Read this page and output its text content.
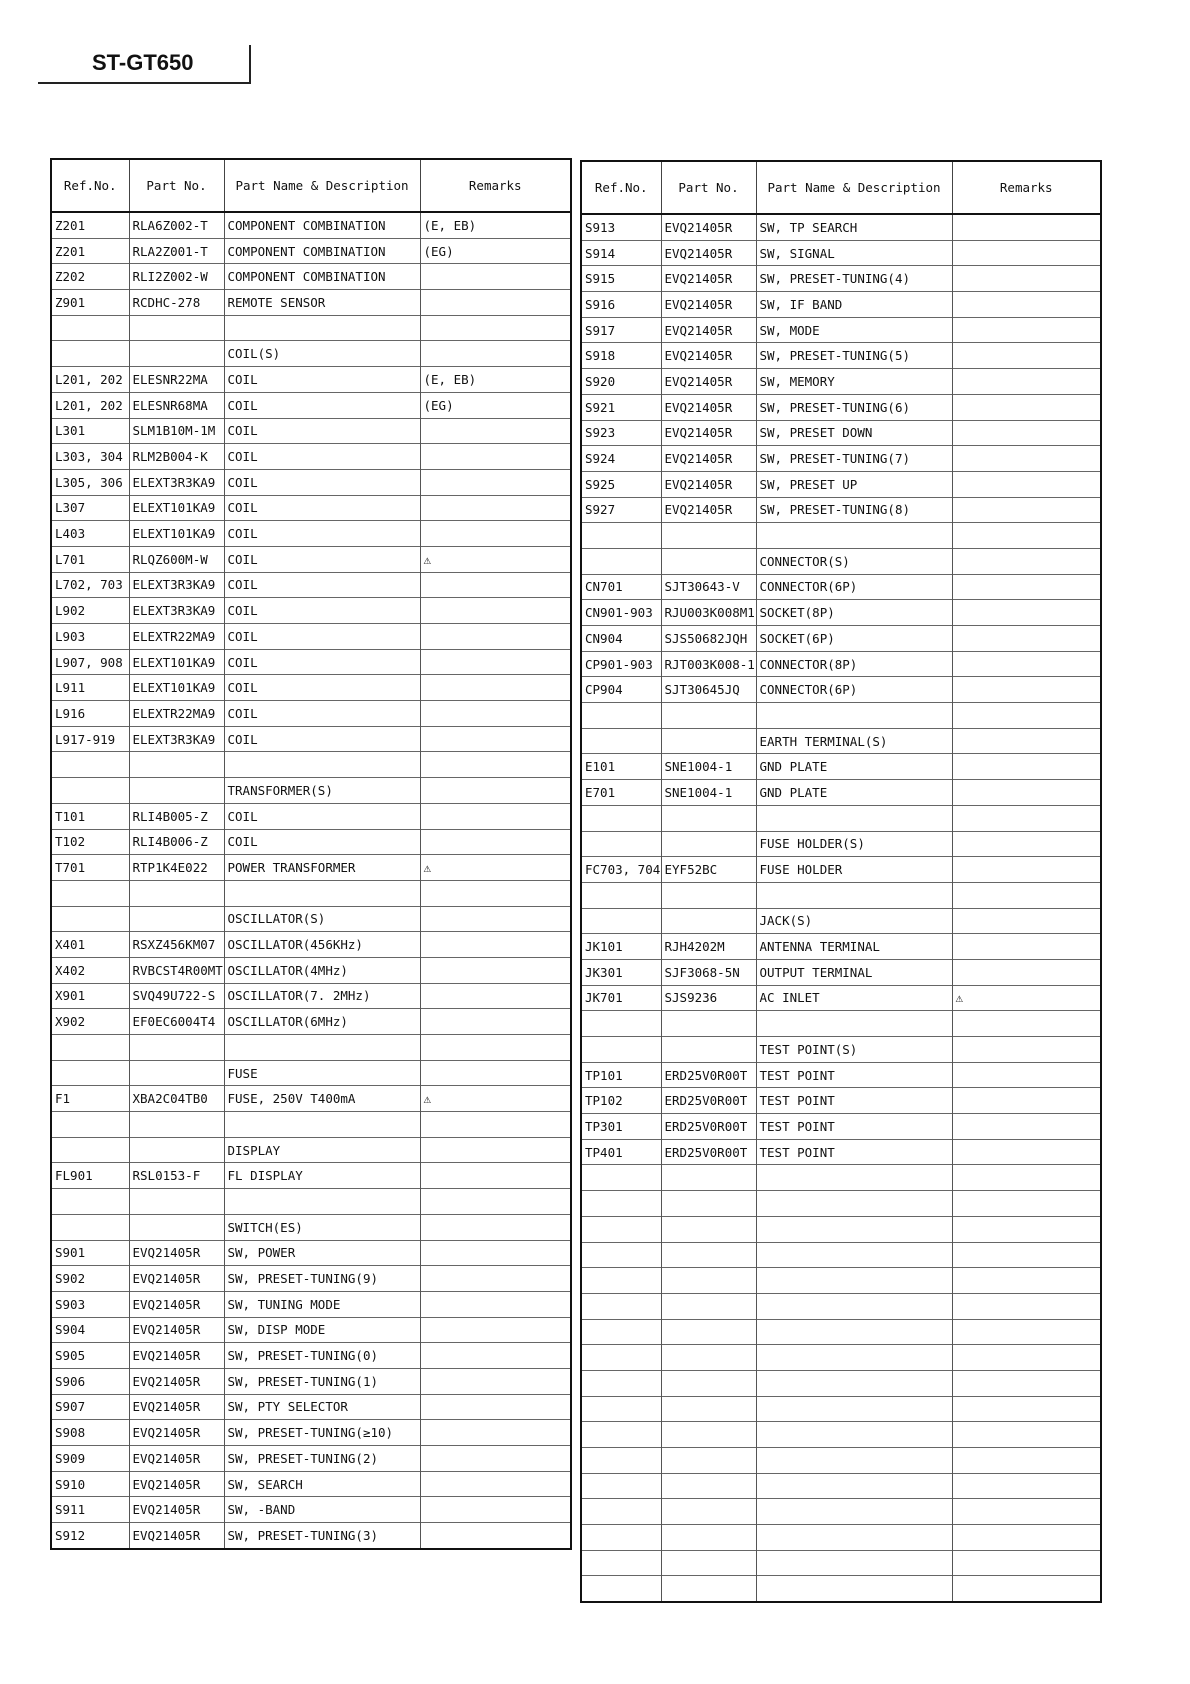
ST-GT650
Ref.No.	Part No.	Part Name & Description	Remarks
Z201	RLA6Z002-T	COMPONENT COMBINATION	(E, EB)
Z201	RLA2Z001-T	COMPONENT COMBINATION	(EG)
Z202	RLI2Z002-W	COMPONENT COMBINATION	
Z901	RCDHC-278	REMOTE SENSOR	

		COIL(S)	
L201, 202	ELESNR22MA	COIL	(E, EB)
L201, 202	ELESNR68MA	COIL	(EG)
L301	SLM1B10M-1M	COIL	
L303, 304	RLM2B004-K	COIL	
L305, 306	ELEXT3R3KA9	COIL	
L307	ELEXT101KA9	COIL	
L403	ELEXT101KA9	COIL	
L701	RLQZ600M-W	COIL	⚠
L702, 703	ELEXT3R3KA9	COIL	
L902	ELEXT3R3KA9	COIL	
L903	ELEXTR22MA9	COIL	
L907, 908	ELEXT101KA9	COIL	
L911	ELEXT101KA9	COIL	
L916	ELEXTR22MA9	COIL	
L917-919	ELEXT3R3KA9	COIL	

		TRANSFORMER(S)	
T101	RLI4B005-Z	COIL	
T102	RLI4B006-Z	COIL	
T701	RTP1K4E022	POWER TRANSFORMER	⚠

		OSCILLATOR(S)	
X401	RSXZ456KM07	OSCILLATOR(456KHz)	
X402	RVBCST4R00MT	OSCILLATOR(4MHz)	
X901	SVQ49U722-S	OSCILLATOR(7. 2MHz)	
X902	EF0EC6004T4	OSCILLATOR(6MHz)	

		FUSE	
F1	XBA2C04TB0	FUSE, 250V T400mA	⚠

		DISPLAY	
FL901	RSL0153-F	FL DISPLAY	

		SWITCH(ES)	
S901	EVQ21405R	SW, POWER	
S902	EVQ21405R	SW, PRESET-TUNING(9)	
S903	EVQ21405R	SW, TUNING MODE	
S904	EVQ21405R	SW, DISP MODE	
S905	EVQ21405R	SW, PRESET-TUNING(0)	
S906	EVQ21405R	SW, PRESET-TUNING(1)	
S907	EVQ21405R	SW, PTY SELECTOR	
S908	EVQ21405R	SW, PRESET-TUNING(≥10)	
S909	EVQ21405R	SW, PRESET-TUNING(2)	
S910	EVQ21405R	SW, SEARCH	
S911	EVQ21405R	SW, -BAND	
S912	EVQ21405R	SW, PRESET-TUNING(3)	
Ref.No.	Part No.	Part Name & Description	Remarks
S913	EVQ21405R	SW, TP SEARCH	
S914	EVQ21405R	SW, SIGNAL	
S915	EVQ21405R	SW, PRESET-TUNING(4)	
S916	EVQ21405R	SW, IF BAND	
S917	EVQ21405R	SW, MODE	
S918	EVQ21405R	SW, PRESET-TUNING(5)	
S920	EVQ21405R	SW, MEMORY	
S921	EVQ21405R	SW, PRESET-TUNING(6)	
S923	EVQ21405R	SW, PRESET DOWN	
S924	EVQ21405R	SW, PRESET-TUNING(7)	
S925	EVQ21405R	SW, PRESET UP	
S927	EVQ21405R	SW, PRESET-TUNING(8)	

		CONNECTOR(S)	
CN701	SJT30643-V	CONNECTOR(6P)	
CN901-903	RJU003K008M1	SOCKET(8P)	
CN904	SJS50682JQH	SOCKET(6P)	
CP901-903	RJT003K008-1	CONNECTOR(8P)	
CP904	SJT30645JQ	CONNECTOR(6P)	

		EARTH TERMINAL(S)	
E101	SNE1004-1	GND PLATE	
E701	SNE1004-1	GND PLATE	

		FUSE HOLDER(S)	
FC703, 704	EYF52BC	FUSE HOLDER	

		JACK(S)	
JK101	RJH4202M	ANTENNA TERMINAL	
JK301	SJF3068-5N	OUTPUT TERMINAL	
JK701	SJS9236	AC INLET	⚠

		TEST POINT(S)	
TP101	ERD25V0R00T	TEST POINT	
TP102	ERD25V0R00T	TEST POINT	
TP301	ERD25V0R00T	TEST POINT	
TP401	ERD25V0R00T	TEST POINT	
